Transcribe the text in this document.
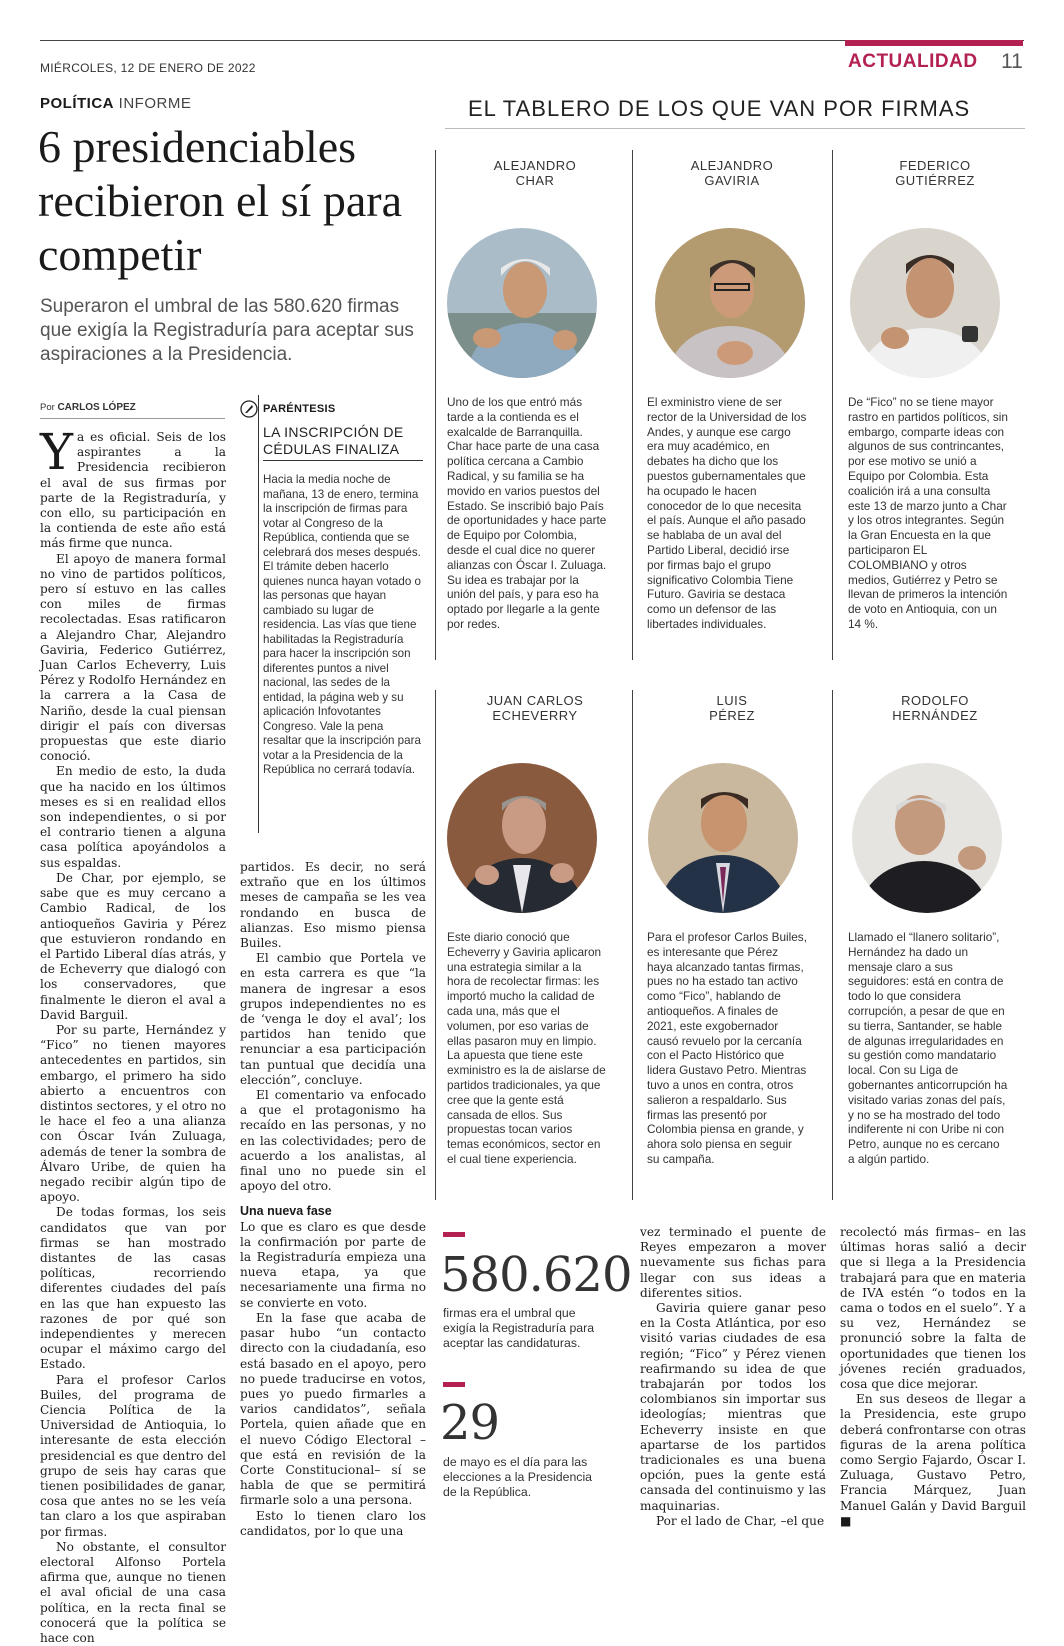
MIÉRCOLES, 12 DE ENERO DE 2022	ACTUALIDAD 11
POLÍTICA INFORME
6 presidenciables recibieron el sí para competir
Superaron el umbral de las 580.620 firmas que exigía la Registraduría para aceptar sus aspiraciones a la Presidencia.
Por CARLOS LÓPEZ

Ya es oficial. Seis de los aspirantes a la Presidencia recibieron el aval de sus firmas por parte de la Registraduría, y con ello, su participación en la contienda de este año está más firme que nunca.

El apoyo de manera formal no vino de partidos políticos, pero sí estuvo en las calles con miles de firmas recolectadas. Esas ratificaron a Alejandro Char, Alejandro Gaviria, Federico Gutiérrez, Juan Carlos Echeverry, Luis Pérez y Rodolfo Hernández en la carrera a la Casa de Nariño, desde la cual piensan dirigir el país con diversas propuestas que este diario conoció.

En medio de esto, la duda que ha nacido en los últimos meses es si en realidad ellos son independientes, o si por el contrario tienen a alguna casa política apoyándolos a sus espaldas.

De Char, por ejemplo, se sabe que es muy cercano a Cambio Radical, de los antioqueños Gaviria y Pérez que estuvieron rondando en el Partido Liberal días atrás, y de Echeverry que dialogó con los conservadores, que finalmente le dieron el aval a David Barguil.

Por su parte, Hernández y “Fico” no tienen mayores antecedentes en partidos, sin embargo, el primero ha sido abierto a encuentros con distintos sectores, y el otro no le hace el feo a una alianza con Óscar Iván Zuluaga, además de tener la sombra de Álvaro Uribe, de quien ha negado recibir algún tipo de apoyo.

De todas formas, los seis candidatos que van por firmas se han mostrado distantes de las casas políticas, recorriendo diferentes ciudades del país en las que han expuesto las razones de por qué son independientes y merecen ocupar el máximo cargo del Estado.

Para el profesor Carlos Builes, del programa de Ciencia Política de la Universidad de Antioquia, lo interesante de esta elección presidencial es que dentro del grupo de seis hay caras que tienen posibilidades de ganar, cosa que antes no se les veía tan claro a los que aspiraban por firmas.

No obstante, el consultor electoral Alfonso Portela afirma que, aunque no tienen el aval oficial de una casa política, en la recta final se conocerá que la política se hace con

PARÉNTESIS
LA INSCRIPCIÓN DE CÉDULAS FINALIZA
Hacia la media noche de mañana, 13 de enero, termina la inscripción de firmas para votar al Congreso de la República, contienda que se celebrará dos meses después. El trámite deben hacerlo quienes nunca hayan votado o las personas que hayan cambiado su lugar de residencia. Las vías que tiene habilitadas la Registraduría para hacer la inscripción son diferentes puntos a nivel nacional, las sedes de la entidad, la página web y su aplicación Infovotantes Congreso. Vale la pena resaltar que la inscripción para votar a la Presidencia de la República no cerrará todavía.

partidos. Es decir, no será extraño que en los últimos meses de campaña se les vea rondando en busca de alianzas. Eso mismo piensa Builes.

El cambio que Portela ve en esta carrera es que “la manera de ingresar a esos grupos independientes no es de ‘venga le doy el aval’; los partidos han tenido que renunciar a esa participación tan puntual que decidía una elección”, concluye.

El comentario va enfocado a que el protagonismo ha recaído en las personas, y no en las colectividades; pero de acuerdo a los analistas, al final uno no puede sin el apoyo del otro.

Una nueva fase

Lo que es claro es que desde la confirmación por parte de la Registraduría empieza una nueva etapa, ya que necesariamente una firma no se convierte en voto.

En la fase que acaba de pasar hubo “un contacto directo con la ciudadanía, eso está basado en el apoyo, pero no puede traducirse en votos, pues yo puedo firmarles a varios candidatos”, señala Portela, quien añade que en el nuevo Código Electoral –que está en revisión de la Corte Constitucional– sí se habla de que se permitirá firmarle solo a una persona.

Esto lo tienen claro los candidatos, por lo que una

EL TABLERO DE LOS QUE VAN POR FIRMAS
ALEJANDRO
CHAR
Uno de los que entró más tarde a la contienda es el exalcalde de Barranquilla. Char hace parte de una casa política cercana a Cambio Radical, y su familia se ha movido en varios puestos del Estado. Se inscribió bajo País de oportunidades y hace parte de Equipo por Colombia, desde el cual dice no querer alianzas con Óscar I. Zuluaga. Su idea es trabajar por la unión del país, y para eso ha optado por llegarle a la gente por redes.
ALEJANDRO
GAVIRIA
El exministro viene de ser rector de la Universidad de los Andes, y aunque ese cargo era muy académico, en debates ha dicho que los puestos gubernamentales que ha ocupado le hacen conocedor de lo que necesita el país. Aunque el año pasado se hablaba de un aval del Partido Liberal, decidió irse por firmas bajo el grupo significativo Colombia Tiene Futuro. Gaviria se destaca como un defensor de las libertades individuales.
FEDERICO
GUTIÉRREZ
De “Fico” no se tiene mayor rastro en partidos políticos, sin embargo, comparte ideas con algunos de sus contrincantes, por ese motivo se unió a Equipo por Colombia. Esta coalición irá a una consulta este 13 de marzo junto a Char y los otros integrantes. Según la Gran Encuesta en la que participaron EL COLOMBIANO y otros medios, Gutiérrez y Petro se llevan de primeros la intención de voto en Antioquia, con un 14 %.
JUAN CARLOS
ECHEVERRY
Este diario conoció que Echeverry y Gaviria aplicaron una estrategia similar a la hora de recolectar firmas: les importó mucho la calidad de cada una, más que el volumen, por eso varias de ellas pasaron muy en limpio. La apuesta que tiene este exministro es la de aislarse de partidos tradicionales, ya que cree que la gente está cansada de ellos. Sus propuestas tocan varios temas económicos, sector en el cual tiene experiencia.
LUIS
PÉREZ
Para el profesor Carlos Builes, es interesante que Pérez haya alcanzado tantas firmas, pues no ha estado tan activo como “Fico”, hablando de antioqueños. A finales de 2021, este exgobernador causó revuelo por la cercanía con el Pacto Histórico que lidera Gustavo Petro. Mientras tuvo a unos en contra, otros salieron a respaldarlo. Sus firmas las presentó por Colombia piensa en grande, y ahora solo piensa en seguir su campaña.
RODOLFO
HERNÁNDEZ
Llamado el “llanero solitario”, Hernández ha dado un mensaje claro a sus seguidores: está en contra de todo lo que considera corrupción, a pesar de que en su tierra, Santander, se hable de algunas irregularidades en su gestión como mandatario local. Con su Liga de gobernantes anticorrupción ha visitado varias zonas del país, y no se ha mostrado del todo indiferente ni con Uribe ni con Petro, aunque no es cercano a algún partido.
580.620
firmas era el umbral que exigía la Registraduría para aceptar las candidaturas.
29
de mayo es el día para las elecciones a la Presidencia de la República.

vez terminado el puente de Reyes empezaron a mover nuevamente sus fichas para llegar con sus ideas a diferentes sitios.

Gaviria quiere ganar peso en la Costa Atlántica, por eso visitó varias ciudades de esa región; “Fico” y Pérez vienen reafirmando su idea de que trabajarán por todos los colombianos sin importar sus ideologías; mientras que Echeverry insiste en que apartarse de los partidos tradicionales es una buena opción, pues la gente está cansada del continuismo y las maquinarias.

Por el lado de Char, –el que

recolectó más firmas– en las últimas horas salió a decir que si llega a la Presidencia trabajará para que en materia de IVA estén “o todos en la cama o todos en el suelo”. Y a su vez, Hernández se pronunció sobre la falta de oportunidades que tienen los jóvenes recién graduados, cosa que dice mejorar.

En sus deseos de llegar a la Presidencia, este grupo deberá confrontarse con otras figuras de la arena política como Sergio Fajardo, Óscar I. Zuluaga, Gustavo Petro, Francia Márquez, Juan Manuel Galán y David Barguil ■
